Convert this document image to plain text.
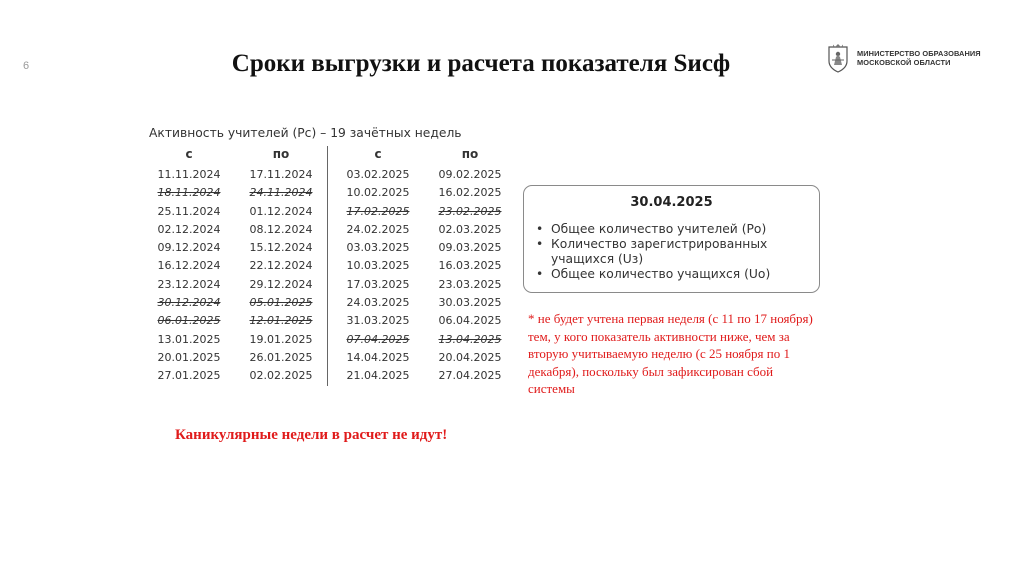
6	Сроки выгрузки и расчета показателя Sиcф	МИНИСТЕРСТВО ОБРАЗОВАНИЯ
МОСКОВСКОЙ ОБЛАСТИ
Активность учителей (Рс) – 19 зачётных недель
с
11.11.2024
18.11.2024
25.11.2024
02.12.2024
09.12.2024
16.12.2024
23.12.2024
30.12.2024
06.01.2025
13.01.2025
20.01.2025
27.01.2025
по
17.11.2024
24.11.2024
01.12.2024
08.12.2024
15.12.2024
22.12.2024
29.12.2024
05.01.2025
12.01.2025
19.01.2025
26.01.2025
02.02.2025
с
03.02.2025
10.02.2025
17.02.2025
24.02.2025
03.03.2025
10.03.2025
17.03.2025
24.03.2025
31.03.2025
07.04.2025
14.04.2025
21.04.2025
по
09.02.2025
16.02.2025
23.02.2025
02.03.2025
09.03.2025
16.03.2025
23.03.2025
30.03.2025
06.04.2025
13.04.2025
20.04.2025
27.04.2025
30.04.2025
• Общее количество учителей (Ро)
• Количество зарегистрированных учащихся (Uз)
• Общее количество учащихся (Uо)
* не будет учтена первая неделя (с 11 по 17 ноября) тем, у кого показатель активности ниже, чем за вторую учитываемую неделю (с 25 ноября по 1 декабря), поскольку был зафиксирован сбой системы
Каникулярные недели в расчет не идут!
